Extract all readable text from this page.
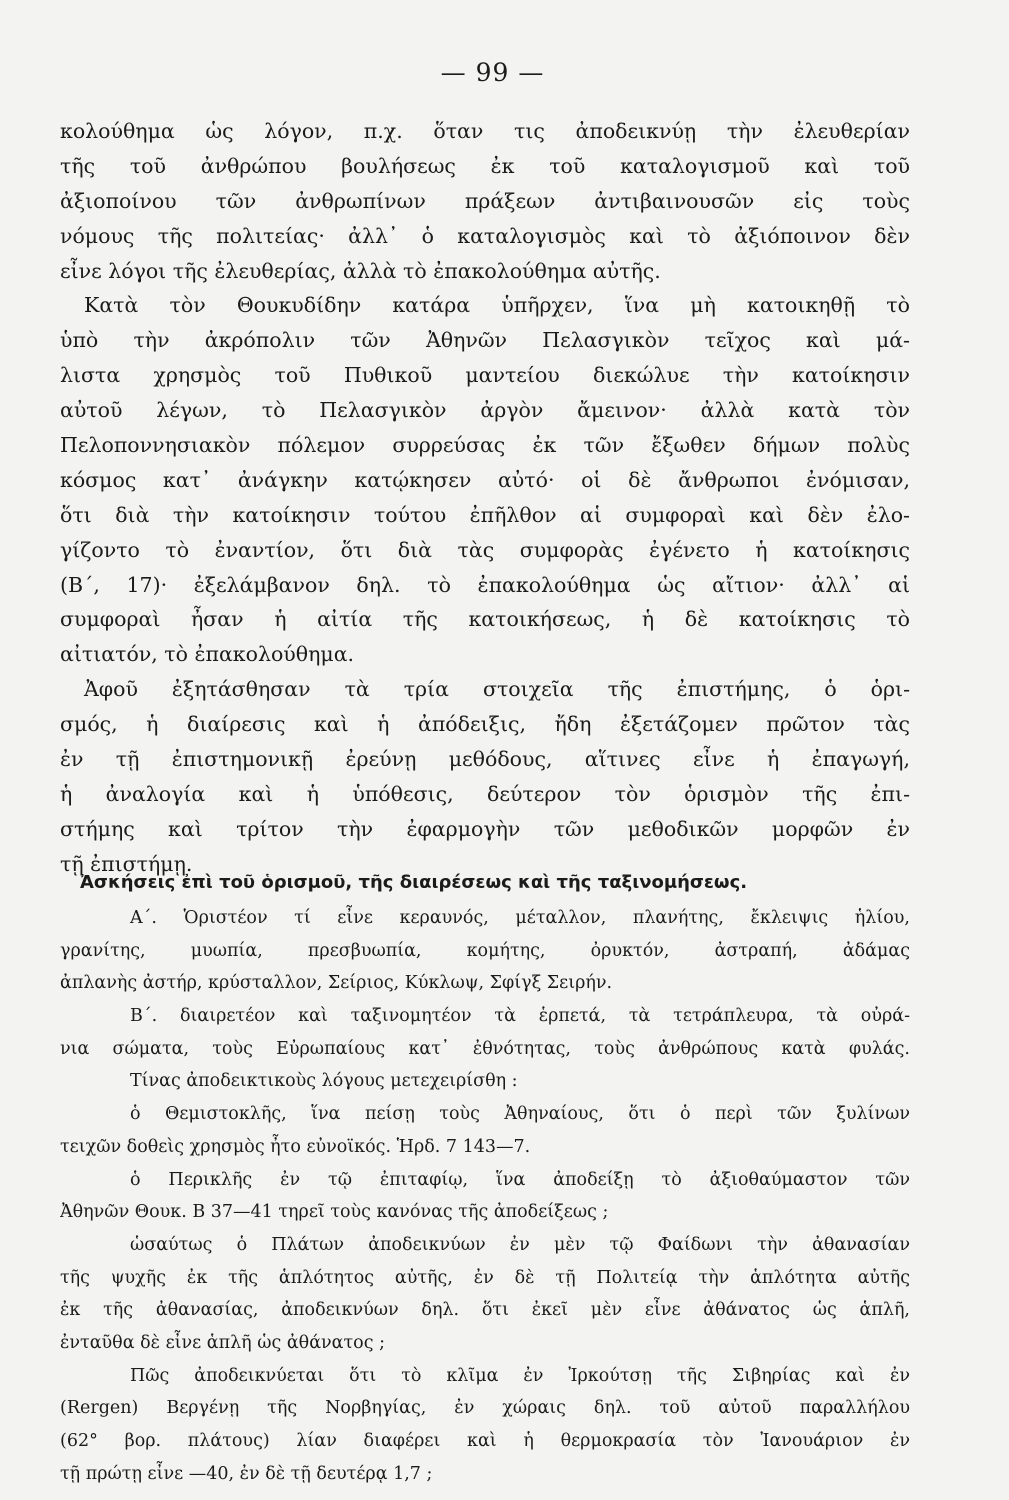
— 99 —
κολούθημα ὡς λόγον, π.χ. ὅταν τις ἀποδεικνύῃ τὴν ἐλευθερίαν
τῆς τοῦ ἀνθρώπου βουλήσεως ἐκ τοῦ καταλογισμοῦ καὶ τοῦ
ἀξιοποίνου τῶν ἀνθρωπίνων πράξεων ἀντιβαινουσῶν εἰς τοὺς
νόμους τῆς πολιτείας· ἀλλ᾽ ὁ καταλογισμὸς καὶ τὸ ἀξιόποινον δὲν
εἶνε λόγοι τῆς ἐλευθερίας, ἀλλὰ τὸ ἐπακολούθημα αὐτῆς.
Κατὰ τὸν Θουκυδίδην κατάρα ὑπῆρχεν, ἵνα μὴ κατοικηθῇ τὸ
ὑπὸ τὴν ἀκρόπολιν τῶν Ἀθηνῶν Πελασγικὸν τεῖχος καὶ μά-
λιστα χρησμὸς τοῦ Πυθικοῦ μαντείου διεκώλυε τὴν κατοίκησιν
αὐτοῦ λέγων, τὸ Πελασγικὸν ἀργὸν ἄμεινον· ἀλλὰ κατὰ τὸν
Πελοποννησιακὸν πόλεμον συρρεύσας ἐκ τῶν ἔξωθεν δήμων πολὺς
κόσμος κατ᾽ ἀνάγκην κατῴκησεν αὐτό· οἱ δὲ ἄνθρωποι ἐνόμισαν,
ὅτι διὰ τὴν κατοίκησιν τούτου ἐπῆλθον αἱ συμφοραὶ καὶ δὲν ἐλο-
γίζοντο τὸ ἐναντίον, ὅτι διὰ τὰς συμφορὰς ἐγένετο ἡ κατοίκησις
(Β΄, 17)· ἐξελάμβανον δηλ. τὸ ἐπακολούθημα ὡς αἴτιον· ἀλλ᾽ αἱ
συμφοραὶ ἦσαν ἡ αἰτία τῆς κατοικήσεως, ἡ δὲ κατοίκησις τὸ
αἰτιατόν, τὸ ἐπακολούθημα.
Ἀφοῦ ἐξητάσθησαν τὰ τρία στοιχεῖα τῆς ἐπιστήμης, ὁ ὁρι-
σμός, ἡ διαίρεσις καὶ ἡ ἀπόδειξις, ἤδη ἐξετάζομεν πρῶτον τὰς
ἐν τῇ ἐπιστημονικῇ ἐρεύνῃ μεθόδους, αἵτινες εἶνε ἡ ἐπαγωγή,
ἡ ἀναλογία καὶ ἡ ὑπόθεσις, δεύτερον τὸν ὁρισμὸν τῆς ἐπι-
στήμης καὶ τρίτον τὴν ἐφαρμογὴν τῶν μεθοδικῶν μορφῶν ἐν
τῇ ἐπιστήμῃ.
Ἀσκήσεις ἐπὶ τοῦ ὁρισμοῦ, τῆς διαιρέσεως καὶ τῆς ταξινομήσεως.
Α΄. Ὁριστέον τί εἶνε κεραυνός, μέταλλον, πλανήτης, ἔκλειψις ἡλίου,
γρανίτης, μυωπία, πρεσβυωπία, κομήτης, ὀρυκτόν, ἀστραπή, ἀδάμας
ἀπλανὴς ἀστήρ, κρύσταλλον, Σείριος, Κύκλωψ, Σφίγξ Σειρήν.
Β΄. διαιρετέον καὶ ταξινομητέον τὰ ἑρπετά, τὰ τετράπλευρα, τὰ οὐρά-
νια σώματα, τοὺς Εὐρωπαίους κατ᾽ ἐθνότητας, τοὺς ἀνθρώπους κατὰ φυλάς.
Τίνας ἀποδεικτικοὺς λόγους μετεχειρίσθη :
ὁ Θεμιστοκλῆς, ἵνα πείσῃ τοὺς Ἀθηναίους, ὅτι ὁ περὶ τῶν ξυλίνων
τειχῶν δοθεὶς χρησμὸς ἦτο εὐνοϊκός. Ἡρδ. 7 143—7.
ὁ Περικλῆς ἐν τῷ ἐπιταφίῳ, ἵνα ἀποδείξῃ τὸ ἀξιοθαύμαστον τῶν
Ἀθηνῶν Θουκ. Β 37—41 τηρεῖ τοὺς κανόνας τῆς ἀποδείξεως ;
ὡσαύτως ὁ Πλάτων ἀποδεικνύων ἐν μὲν τῷ Φαίδωνι τὴν ἀθανασίαν
τῆς ψυχῆς ἐκ τῆς ἁπλότητος αὐτῆς, ἐν δὲ τῇ Πολιτείᾳ τὴν ἁπλότητα αὐτῆς
ἐκ τῆς ἀθανασίας, ἀποδεικνύων δηλ. ὅτι ἐκεῖ μὲν εἶνε ἀθάνατος ὡς ἁπλῆ,
ἐνταῦθα δὲ εἶνε ἁπλῆ ὡς ἀθάνατος ;
Πῶς ἀποδεικνύεται ὅτι τὸ κλῖμα ἐν Ἰρκούτσῃ τῆς Σιβηρίας καὶ ἐν
(Rergen) Βεργένῃ τῆς Νορβηγίας, ἐν χώραις δηλ. τοῦ αὐτοῦ παραλλήλου
(62° βορ. πλάτους) λίαν διαφέρει καὶ ἡ θερμοκρασία τὸν Ἰανουάριον ἐν
τῇ πρώτῃ εἶνε —40, ἐν δὲ τῇ δευτέρᾳ 1,7 ;
